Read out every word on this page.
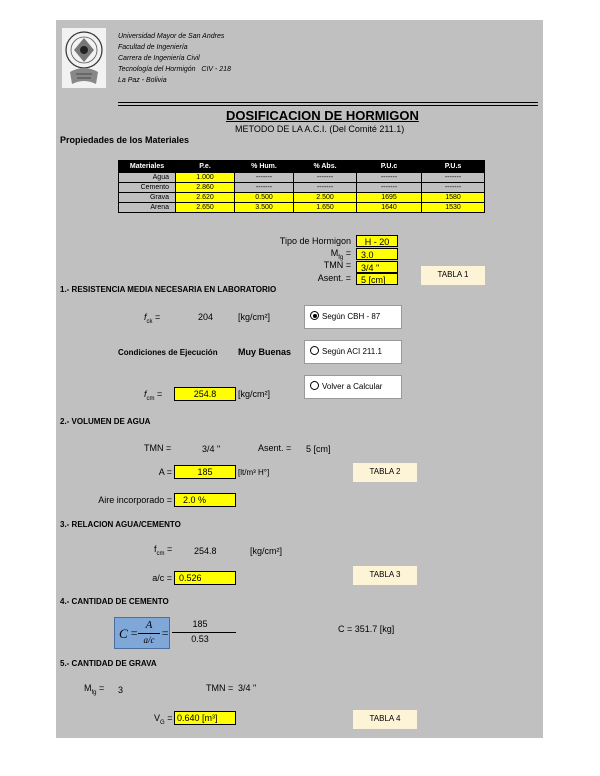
Universidad Mayor de San Andres
Facultad de Ingeniería
Carrera de Ingeniería Civil
Tecnología del Hormigón   CIV - 218
La Paz - Bolivia
DOSIFICACION DE HORMIGON
METODO DE LA A.C.I. (Del Comité 211.1)
Propiedades de los Materiales
Materiales	P.e.	% Hum.	% Abs.	P.U.c	P.U.s
Agua	1.000	-------	-------	-------	-------
Cemento	2.860	-------	-------	-------	-------
Grava	2.620	0.500	2.500	1695	1580
Arena	2.650	3.500	1.650	1640	1530
Tipo de Hormigon	H - 20
$M_{fg}$ =	3.0
TMN =	3/4 "
Asent. =	5 [cm]
TABLA 1
1.- RESISTENCIA MEDIA NECESARIA EN LABORATORIO
$f_{ck}$ =	204	[kg/cm²]	Según CBH - 87
Según ACI 211.1
Volver a Calcular
Condiciones de Ejecución Muy Buenas
$f_{cm}$ =	254.8	[kg/cm²]
2.- VOLUMEN DE AGUA
TMN =	3/4 "	Asent. = 5 [cm]
A =	185	[lt/m³ H°]	TABLA 2
Aire incorporado =	2.0 %
3.- RELACION AGUA/CEMENTO
$f_{cm} = 254.8$	[kg/cm²]
a/c = 0.526	TABLA 3
4.- CANTIDAD DE CEMENTO
C =
A
a/c =
185
0.53
C = 351.7 [kg]
5.- CANTIDAD DE GRAVA
$M_{fg} = 3$	TMN = 3/4 "
$V_G = 0.640$ [m³]	TABLA 4
